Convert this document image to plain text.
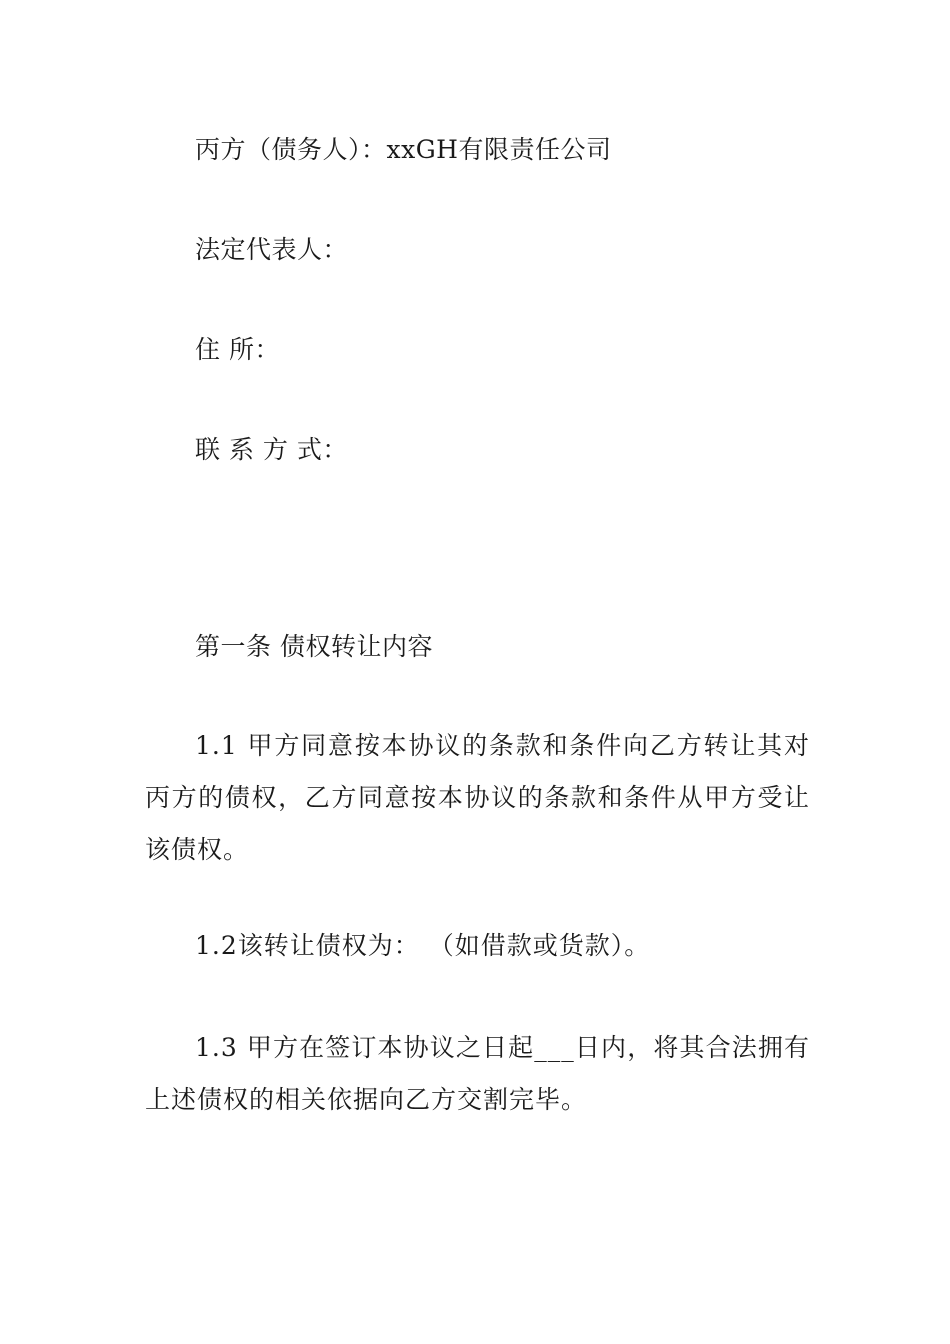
丙方（债务人）：xxGH有限责任公司
法定代表人：
住 所：
联 系 方 式：
第一条 债权转让内容
1.1 甲方同意按本协议的条款和条件向乙方转让其对丙方的债权，乙方同意按本协议的条款和条件从甲方受让该债权。
1.2该转让债权为： （如借款或货款）。
1.3 甲方在签订本协议之日起___日内，将其合法拥有上述债权的相关依据向乙方交割完毕。
